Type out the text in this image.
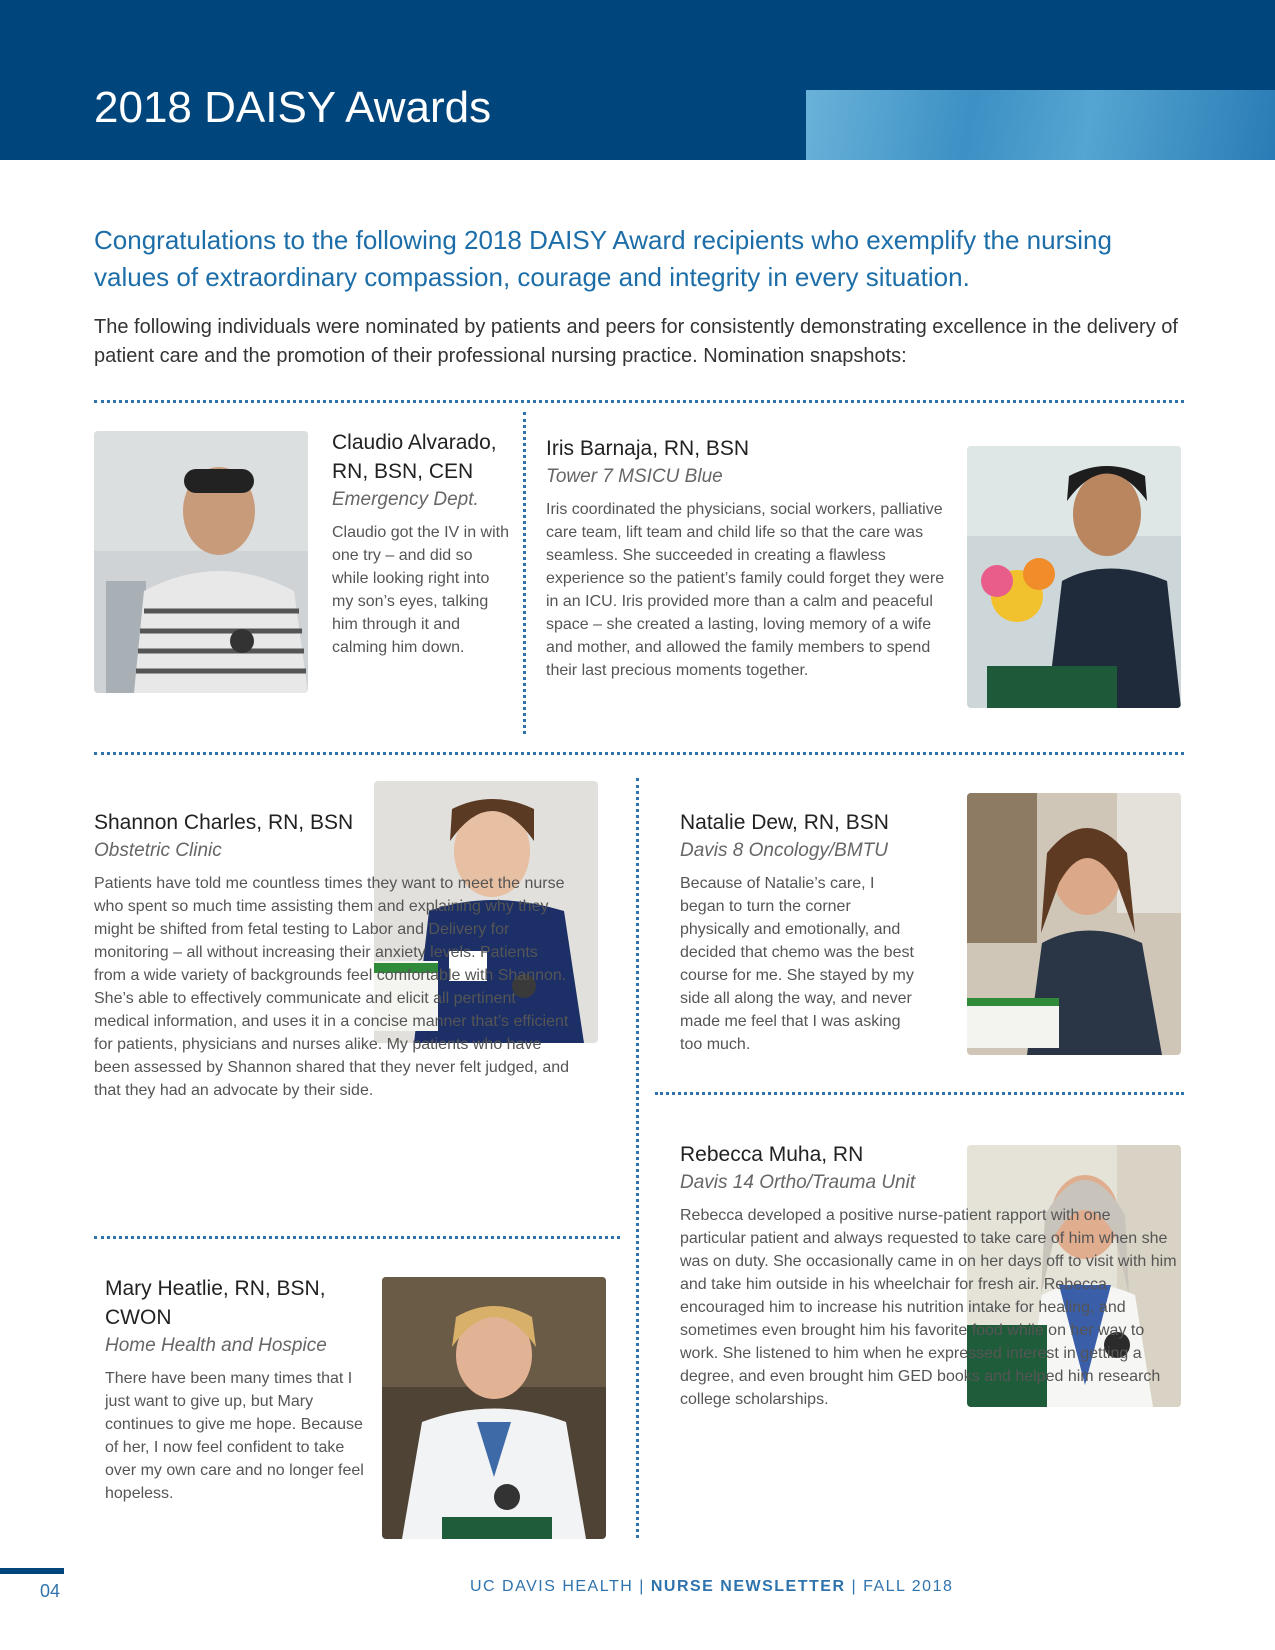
2018 DAISY Awards
Congratulations to the following 2018 DAISY Award recipients who exemplify the nursing values of extraordinary compassion, courage and integrity in every situation.
The following individuals were nominated by patients and peers for consistently demonstrating excellence in the delivery of patient care and the promotion of their professional nursing practice. Nomination snapshots:
Claudio Alvarado, RN, BSN, CEN
Emergency Dept.
Claudio got the IV in with one try – and did so while looking right into my son’s eyes, talking him through it and calming him down.
Iris Barnaja, RN, BSN
Tower 7 MSICU Blue
Iris coordinated the physicians, social workers, palliative care team, lift team and child life so that the care was seamless. She succeeded in creating a flawless experience so the patient’s family could forget they were in an ICU. Iris provided more than a calm and peaceful space – she created a lasting, loving memory of a wife and mother, and allowed the family members to spend their last precious moments together.
Shannon Charles, RN, BSN
Obstetric Clinic
Patients have told me countless times they want to meet the nurse who spent so much time assisting them and explaining why they might be shifted from fetal testing to Labor and Delivery for monitoring – all without increasing their anxiety levels. Patients from a wide variety of backgrounds feel comfortable with Shannon. She’s able to effectively communicate and elicit all pertinent medical information, and uses it in a concise manner that’s efficient for patients, physicians and nurses alike. My patients who have been assessed by Shannon shared that they never felt judged, and that they had an advocate by their side.
Natalie Dew, RN, BSN
Davis 8 Oncology/BMTU
Because of Natalie’s care, I began to turn the corner physically and emotionally, and decided that chemo was the best course for me. She stayed by my side all along the way, and never made me feel that I was asking too much.
Mary Heatlie, RN, BSN, CWON
Home Health and Hospice
There have been many times that I just want to give up, but Mary continues to give me hope. Because of her, I now feel confident to take over my own care and no longer feel hopeless.
Rebecca Muha, RN
Davis 14 Ortho/Trauma Unit
Rebecca developed a positive nurse-patient rapport with one particular patient and always requested to take care of him when she was on duty. She occasionally came in on her days off to visit with him and take him outside in his wheelchair for fresh air. Rebecca encouraged him to increase his nutrition intake for healing, and sometimes even brought him his favorite food while on her way to work. She listened to him when he expressed interest in getting a degree, and even brought him GED books and helped him research college scholarships.
04	UC DAVIS HEALTH | NURSE NEWSLETTER | FALL 2018
